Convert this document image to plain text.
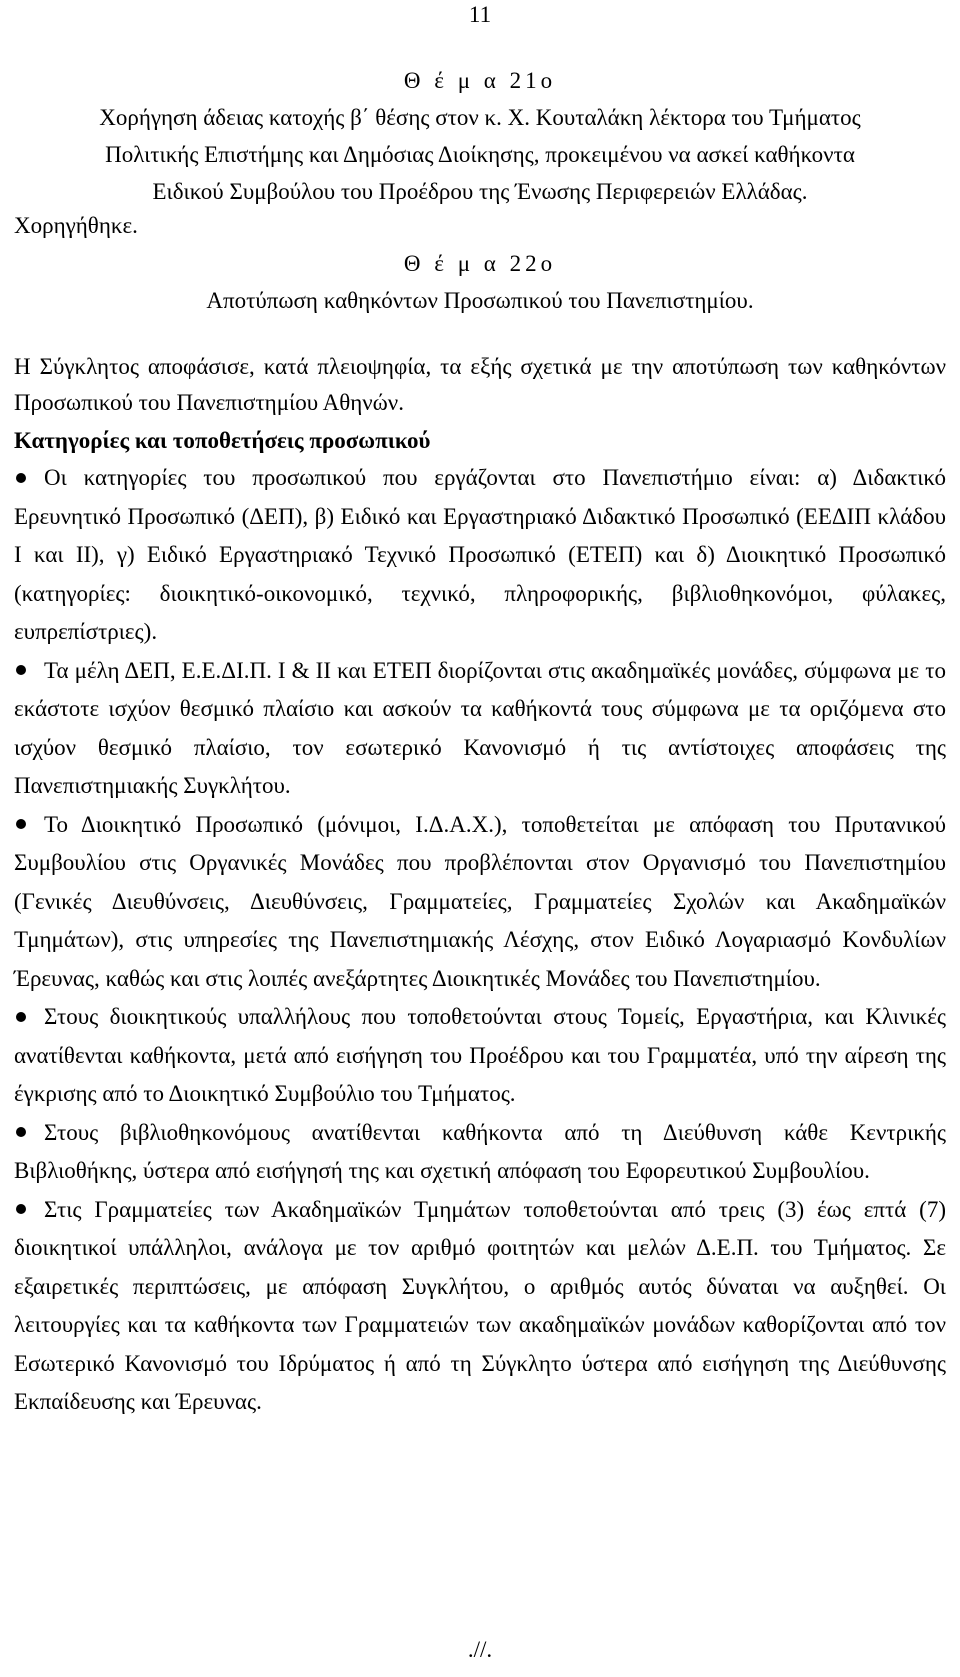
11
Θ έ μ α 21ο
Χορήγηση άδειας κατοχής β΄ θέσης στον κ. Χ. Κουταλάκη λέκτορα του Τμήματος
Πολιτικής Επιστήμης και Δημόσιας Διοίκησης, προκειμένου να ασκεί καθήκοντα
Ειδικού Συμβούλου του Προέδρου της Ένωσης Περιφερειών Ελλάδας.
Χορηγήθηκε.
Θ έ μ α 22ο
Αποτύπωση καθηκόντων Προσωπικού του Πανεπιστημίου.
Η Σύγκλητος αποφάσισε, κατά πλειοψηφία, τα εξής σχετικά με την αποτύπωση των καθηκόντων Προσωπικού του Πανεπιστημίου Αθηνών.
Κατηγορίες και τοποθετήσεις προσωπικού
Οι κατηγορίες του προσωπικού που εργάζονται στο Πανεπιστήμιο είναι: α) Διδακτικό Ερευνητικό Προσωπικό (ΔΕΠ), β) Ειδικό και Εργαστηριακό Διδακτικό Προσωπικό (ΕΕΔΙΠ κλάδου Ι και ΙΙ), γ) Ειδικό Εργαστηριακό Τεχνικό Προσωπικό (ΕΤΕΠ) και δ) Διοικητικό Προσωπικό (κατηγορίες: διοικητικό-οικονομικό, τεχνικό, πληροφορικής, βιβλιοθηκονόμοι, φύλακες, ευπρεπίστριες).
Τα μέλη ΔΕΠ, Ε.Ε.ΔΙ.Π. Ι & ΙΙ και ΕΤΕΠ διορίζονται στις ακαδημαϊκές μονάδες, σύμφωνα με το εκάστοτε ισχύον θεσμικό πλαίσιο και ασκούν τα καθήκοντά τους σύμφωνα με τα οριζόμενα στο ισχύον θεσμικό πλαίσιο, τον εσωτερικό Κανονισμό ή τις αντίστοιχες αποφάσεις της Πανεπιστημιακής Συγκλήτου.
Το Διοικητικό Προσωπικό (μόνιμοι, Ι.Δ.Α.Χ.), τοποθετείται με απόφαση του Πρυτανικού Συμβουλίου στις Οργανικές Μονάδες που προβλέπονται στον Οργανισμό του Πανεπιστημίου (Γενικές Διευθύνσεις, Διευθύνσεις, Γραμματείες, Γραμματείες Σχολών και Ακαδημαϊκών Τμημάτων), στις υπηρεσίες της Πανεπιστημιακής Λέσχης, στον Ειδικό Λογαριασμό Κονδυλίων Έρευνας, καθώς και στις λοιπές ανεξάρτητες Διοικητικές Μονάδες του Πανεπιστημίου.
Στους διοικητικούς υπαλλήλους που τοποθετούνται στους Τομείς, Εργαστήρια, και Κλινικές ανατίθενται καθήκοντα, μετά από εισήγηση του Προέδρου και του Γραμματέα, υπό την αίρεση της έγκρισης από το Διοικητικό Συμβούλιο του Τμήματος.
Στους βιβλιοθηκονόμους ανατίθενται καθήκοντα από τη Διεύθυνση κάθε Κεντρικής Βιβλιοθήκης, ύστερα από εισήγησή της και σχετική απόφαση του Εφορευτικού Συμβουλίου.
Στις Γραμματείες των Ακαδημαϊκών Τμημάτων τοποθετούνται από τρεις (3) έως επτά (7) διοικητικοί υπάλληλοι, ανάλογα με τον αριθμό φοιτητών και μελών Δ.Ε.Π. του Τμήματος. Σε εξαιρετικές περιπτώσεις, με απόφαση Συγκλήτου, ο αριθμός αυτός δύναται να αυξηθεί. Οι λειτουργίες και τα καθήκοντα των Γραμματειών των ακαδημαϊκών μονάδων καθορίζονται από τον Εσωτερικό Κανονισμό του Ιδρύματος ή από τη Σύγκλητο ύστερα από εισήγηση της Διεύθυνσης Εκπαίδευσης και Έρευνας.
.//.
